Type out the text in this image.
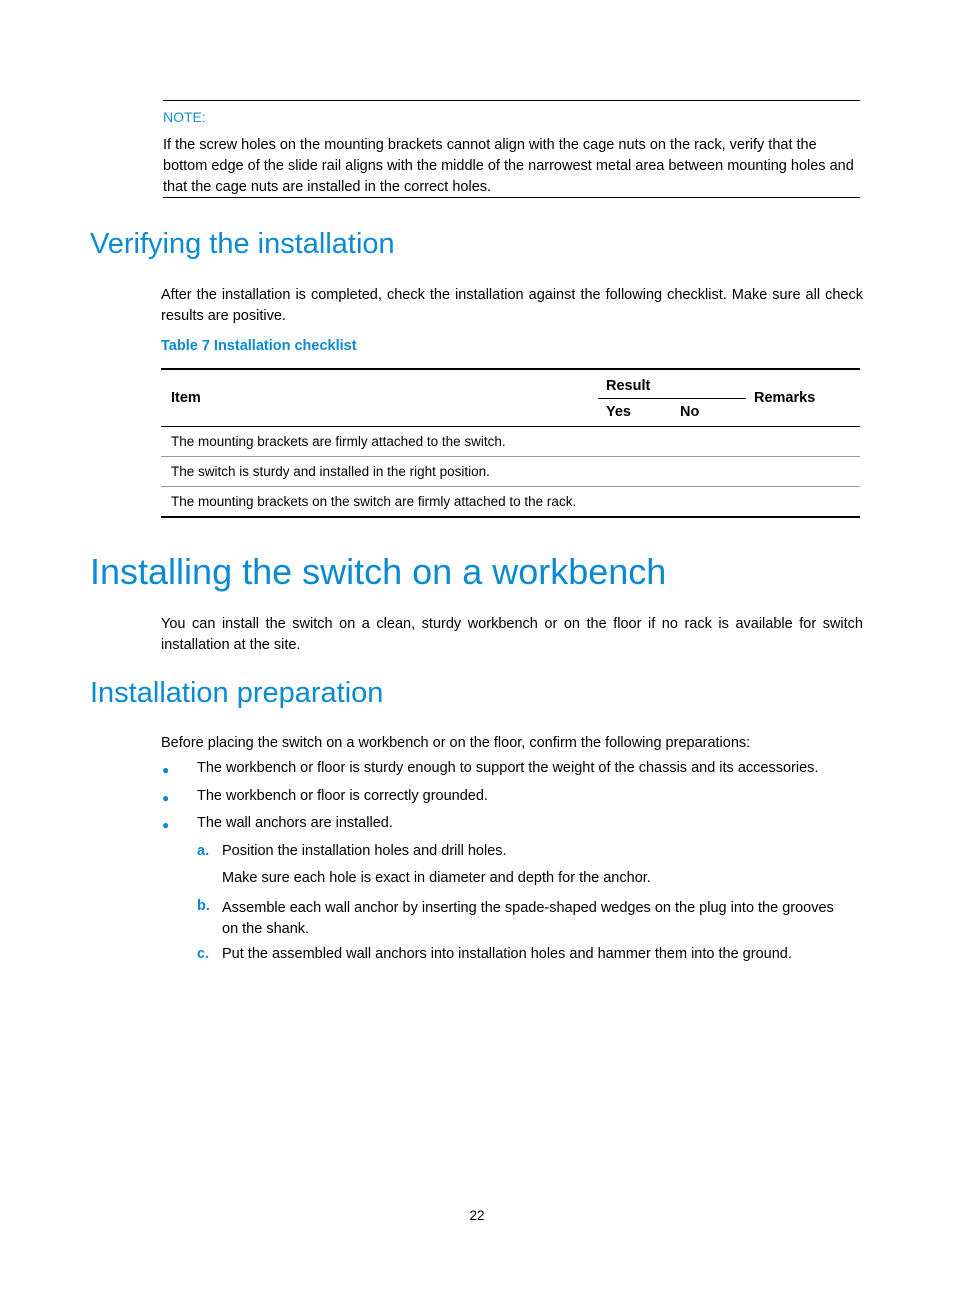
NOTE:
If the screw holes on the mounting brackets cannot align with the cage nuts on the rack, verify that the bottom edge of the slide rail aligns with the middle of the narrowest metal area between mounting holes and that the cage nuts are installed in the correct holes.
Verifying the installation
After the installation is completed, check the installation against the following checklist. Make sure all check results are positive.
Table 7 Installation checklist
Item	Result		Remarks
	Yes	No	
The mounting brackets are firmly attached to the switch.			
The switch is sturdy and installed in the right position.			
The mounting brackets on the switch are firmly attached to the rack.			
Installing the switch on a workbench
You can install the switch on a clean, sturdy workbench or on the floor if no rack is available for switch installation at the site.
Installation preparation
Before placing the switch on a workbench or on the floor, confirm the following preparations:
● The workbench or floor is sturdy enough to support the weight of the chassis and its accessories.
● The workbench or floor is correctly grounded.
● The wall anchors are installed.
a. Position the installation holes and drill holes.
Make sure each hole is exact in diameter and depth for the anchor.
b. Assemble each wall anchor by inserting the spade-shaped wedges on the plug into the grooves on the shank.
c. Put the assembled wall anchors into installation holes and hammer them into the ground.
22
